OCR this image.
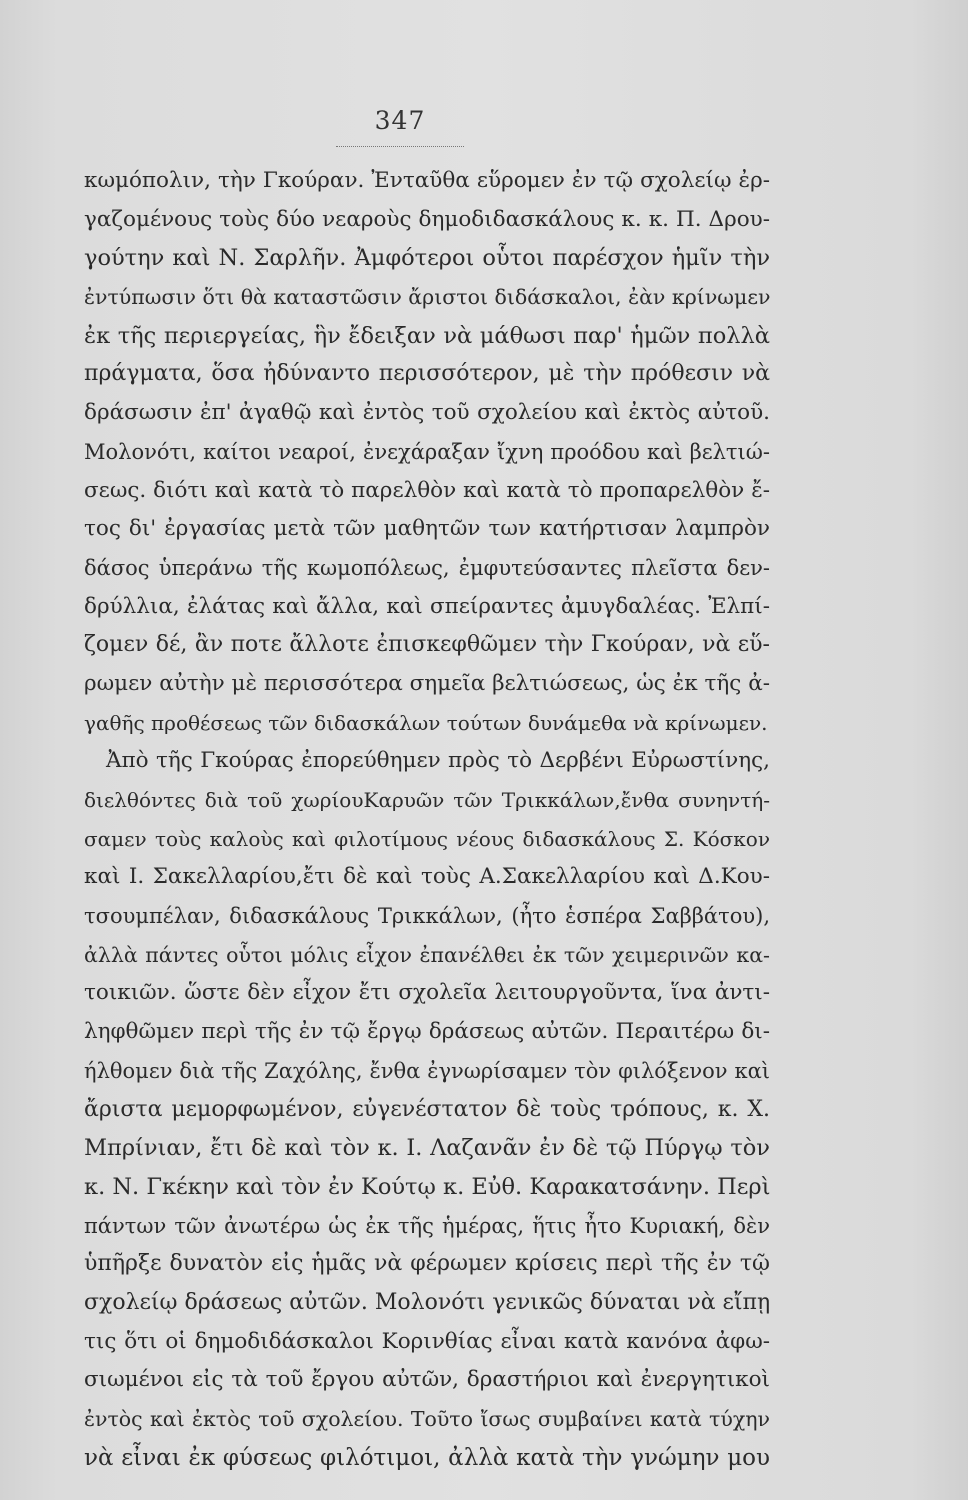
347
κωμόπολιν, τὴν Γκούραν. Ἐνταῦθα εὕρομεν ἐν τῷ σχολείῳ ἐρ-
γαζομένους τοὺς δύο νεαροὺς δημοδιδασκάλους κ. κ. Π. Δρου-
γούτην καὶ Ν. Σαρλῆν. Ἀμφότεροι οὗτοι παρέσχον ἡμῖν τὴν
ἐντύπωσιν ὅτι θὰ καταστῶσιν ἄριστοι διδάσκαλοι, ἐὰν κρίνωμεν
ἐκ τῆς περιεργείας, ἣν ἔδειξαν νὰ μάθωσι παρ' ἡμῶν πολλὰ
πράγματα, ὅσα ἠδύναντο περισσότερον, μὲ τὴν πρόθεσιν νὰ
δράσωσιν ἐπ' ἀγαθῷ καὶ ἐντὸς τοῦ σχολείου καὶ ἐκτὸς αὐτοῦ.
Μολονότι, καίτοι νεαροί, ἐνεχάραξαν ἴχνη προόδου καὶ βελτιώ-
σεως. διότι καὶ κατὰ τὸ παρελθὸν καὶ κατὰ τὸ προπαρελθὸν ἔ-
τος δι' ἐργασίας μετὰ τῶν μαθητῶν των κατήρτισαν λαμπρὸν
δάσος ὑπεράνω τῆς κωμοπόλεως, ἐμφυτεύσαντες πλεῖστα δεν-
δρύλλια, ἐλάτας καὶ ἄλλα, καὶ σπείραντες ἀμυγδαλέας. Ἐλπί-
ζομεν δέ, ἂν ποτε ἄλλοτε ἐπισκεφθῶμεν τὴν Γκούραν, νὰ εὕ-
ρωμεν αὐτὴν μὲ περισσότερα σημεῖα βελτιώσεως, ὡς ἐκ τῆς ἀ-
γαθῆς προθέσεως τῶν διδασκάλων τούτων δυνάμεθα νὰ κρίνωμεν.
Ἀπὸ τῆς Γκούρας ἐπορεύθημεν πρὸς τὸ Δερβένι Εὐρωστίνης,
διελθόντες διὰ τοῦ χωρίουΚαρυῶν τῶν Τρικκάλων,ἔνθα συνηντή-
σαμεν τοὺς καλοὺς καὶ φιλοτίμους νέους διδασκάλους Σ. Κόσκον
καὶ Ι. Σακελλαρίου,ἔτι δὲ καὶ τοὺς Α.Σακελλαρίου καὶ Δ.Κου-
τσουμπέλαν, διδασκάλους Τρικκάλων, (ἦτο ἑσπέρα Σαββάτου),
ἀλλὰ πάντες οὗτοι μόλις εἶχον ἐπανέλθει ἐκ τῶν χειμερινῶν κα-
τοικιῶν. ὥστε δὲν εἶχον ἔτι σχολεῖα λειτουργοῦντα, ἵνα ἀντι-
ληφθῶμεν περὶ τῆς ἐν τῷ ἔργῳ δράσεως αὐτῶν. Περαιτέρω δι-
ήλθομεν διὰ τῆς Ζαχόλης, ἔνθα ἐγνωρίσαμεν τὸν φιλόξενον καὶ
ἄριστα μεμορφωμένον, εὐγενέστατον δὲ τοὺς τρόπους, κ. Χ.
Μπρίνιαν, ἔτι δὲ καὶ τὸν κ. Ι. Λαζανᾶν ἐν δὲ τῷ Πύργῳ τὸν
κ. Ν. Γκέκην καὶ τὸν ἐν Κούτῳ κ. Εὐθ. Καρακατσάνην. Περὶ
πάντων τῶν ἀνωτέρω ὡς ἐκ τῆς ἡμέρας, ἥτις ἦτο Κυριακή, δὲν
ὑπῆρξε δυνατὸν εἰς ἡμᾶς νὰ φέρωμεν κρίσεις περὶ τῆς ἐν τῷ
σχολείῳ δράσεως αὐτῶν. Μολονότι γενικῶς δύναται νὰ εἴπῃ
τις ὅτι οἱ δημοδιδάσκαλοι Κορινθίας εἶναι κατὰ κανόνα ἀφω-
σιωμένοι εἰς τὰ τοῦ ἔργου αὐτῶν, δραστήριοι καὶ ἐνεργητικοὶ
ἐντὸς καὶ ἐκτὸς τοῦ σχολείου. Τοῦτο ἴσως συμβαίνει κατὰ τύχην
νὰ εἶναι ἐκ φύσεως φιλότιμοι, ἀλλὰ κατὰ τὴν γνώμην μου
